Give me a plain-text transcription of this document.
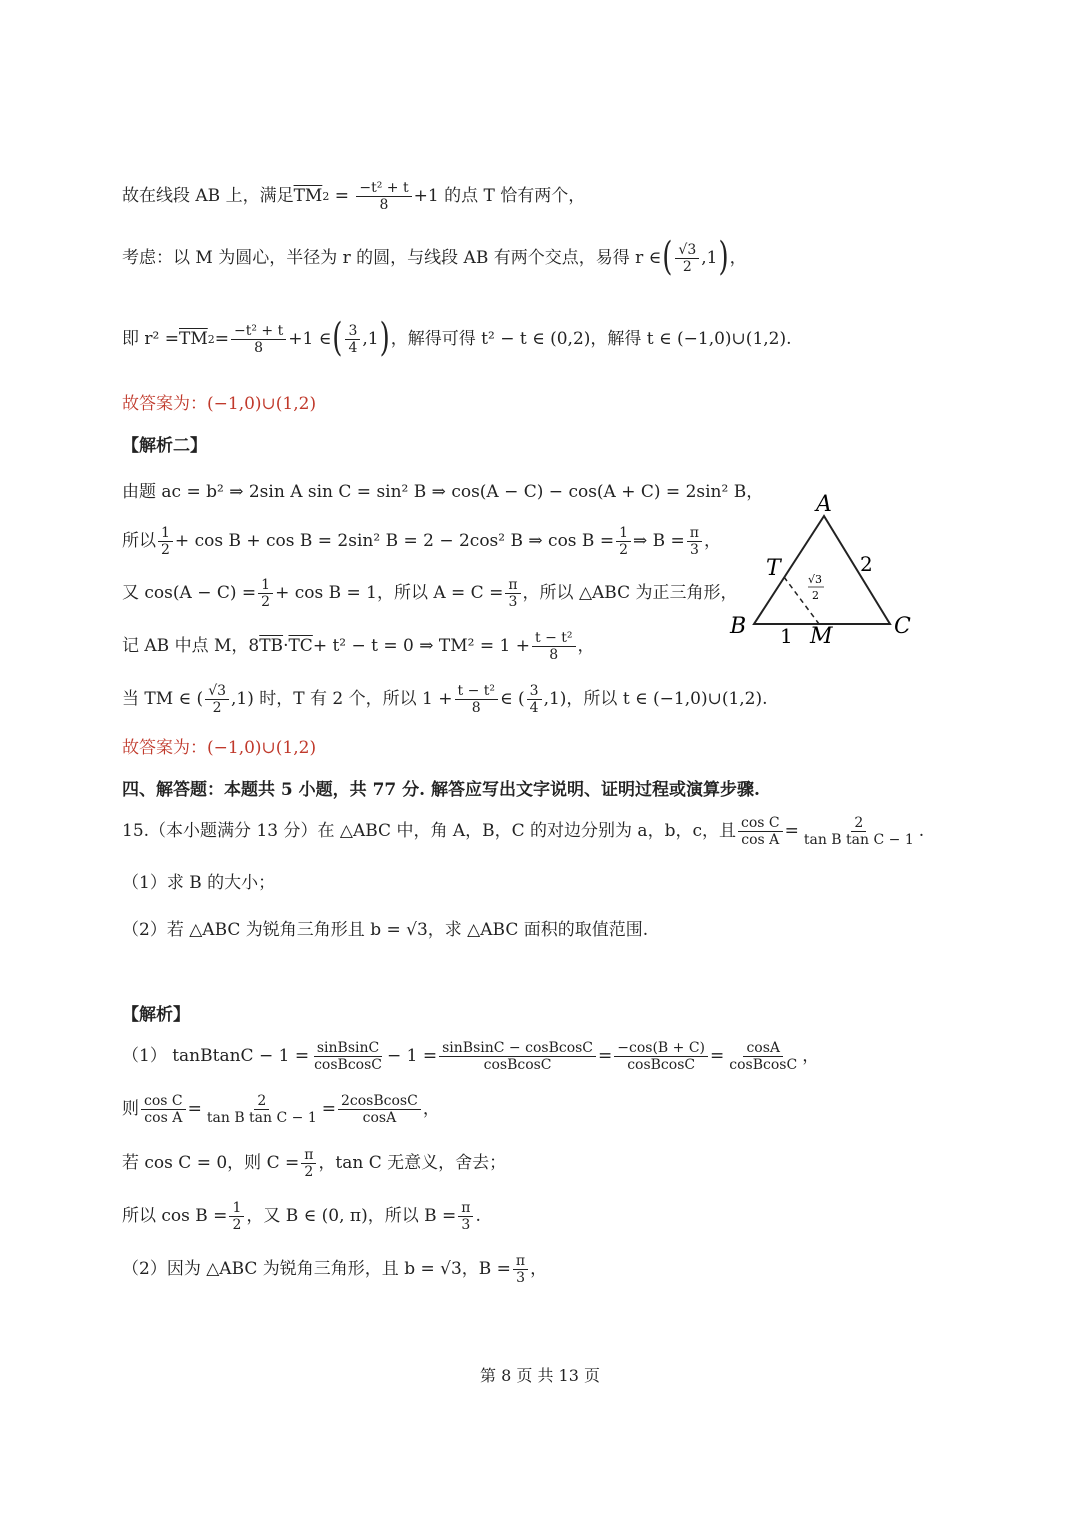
故在线段 AB 上，满足 $\overline{TM}$ $2 = \frac{\text{−t² + t}}{8} +1$ 的点 T 恰有两个，
考虑：以 M 为圆心，半径为 r 的圆，与线段 AB 有两个交点，易得 r ∈ ( $\frac{√3}{2} ,1$ ) ，
即 $r^2 = \overline{TM}$ $2 = \frac{\text{−t² + t}}{8} +1$ ∈ ( $\frac{3}{4} ,1$ ) ，解得可得 t² − t ∈ (0,2)，解得 t ∈ (−1,0)∪(1,2).
故答案为：(−1,0)∪(1,2)
【解析二】
由题 ac = b² ⇒ 2sin A sin C = sin² B ⇒ cos(A − C) − cos(A + C) = 2sin² B，
所以 $\frac{1}{2} + \cos B + \cos B = 2\sin^2$ B = 2 − 2cos² B ⇒ $\cos B = \frac{1}{2}$ ⇒ $B = \frac{\pi}{3}$ ，
又 $\cos(A - C) = \frac{1}{2} + \cos B = 1$，所以 $A = C = \frac{\pi}{3}$ ，所以 △ABC 为正三角形，
记 AB 中点 M，8 $\overline{TB} \cdot \overline{TC} + t^2 - t = 0$ ⇒ $TM^2 = 1 + \frac{\text{t − t²}}{8}$ ，
当 TM ∈ ( $\frac{√3}{2} ,1$) 时，T 有 2 个，所以 $1 + \frac{\text{t − t²}}{8}$ ∈ ( $\frac{3}{4} ,1$)，所以 t ∈ (−1,0)∪(1,2).
故答案为：(−1,0)∪(1,2)
A
B	C
T
M
2
1
√3
2
四、解答题：本题共 5 小题，共 77 分. 解答应写出文字说明、证明过程或演算步骤.
15.（本小题满分 13 分）在 △ABC 中，角 A，B，C 的对边分别为 a，b，c，且 $\frac{\text{cos C}}{\text{cos A}} = \frac{2}{\text{tan B tan C − 1}}$ .
（1）求 B 的大小；
（2）若 △ABC 为锐角三角形且 b = √3，求 △ABC 面积的取值范围.
【解析】
（1） tanBtanC − $1 = \frac{\text{sinBsinC}}{\text{cosBcosC}} - 1 = \frac{\text{sinBsinC − cosBcosC}}{\text{cosBcosC}} = \frac{-\cos(B + C)}{\text{cosBcosC}} = \frac{\cos A}{\text{cosBcosC}}$ ，
则 $\frac{\text{cos C}}{\text{cos A}} = \frac{2}{\text{tan B tan C − 1}} = \frac{\text{2cosBcosC}}{\cos A}$ ，
若 cos C = 0，则 $C = \frac{\pi}{2}$ ，tan C 无意义，舍去；
所以 $\cos B = \frac{1}{2}$ ，又 B ∈ (0, π)，所以 $B = \frac{\pi}{3}$ .
（2）因为 △ABC 为锐角三角形，且 b = √3，$B = \frac{\pi}{3}$ ，
第 8 页 共 13 页
